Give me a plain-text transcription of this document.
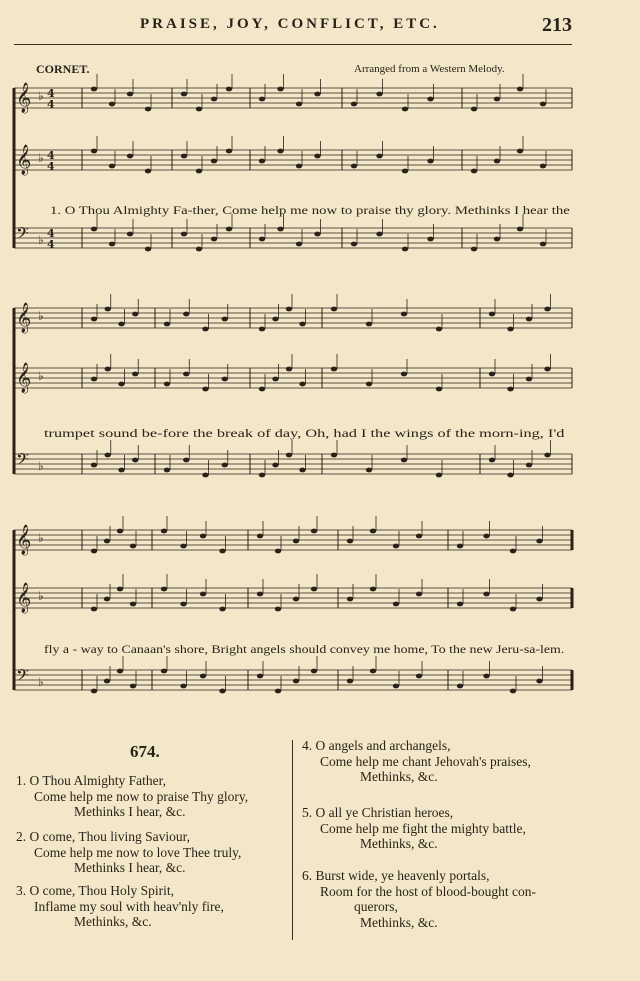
PRAISE, JOY, CONFLICT, ETC.	213
CORNET.	Arranged from a Western Melody.
𝄞 ♭ 4
4
𝄞 ♭ 4
4
𝄢 ♭ 4
4
𝄞 ♭
𝄞 ♭
𝄢 ♭
𝄞 ♭
𝄞 ♭
𝄢 ♭
1. O Thou Almighty Fa-ther, Come help me now to praise thy glory. Methinks I hear the
trumpet sound be-fore the break of day, Oh, had I the wings of the morn-ing, I'd
fly a - way to Canaan's shore, Bright angels should convey me home, To the new Jeru-sa-lem.
674.
1. O Thou Almighty Father,
Come help me now to praise Thy glory,
Methinks I hear, &c.
2. O come, Thou living Saviour,
Come help me now to love Thee truly,
Methinks I hear, &c.
3. O come, Thou Holy Spirit,
Inflame my soul with heav'nly fire,
Methinks, &c.
4. O angels and archangels,
Come help me chant Jehovah's praises,
Methinks, &c.
5. O all ye Christian heroes,
Come help me fight the mighty battle,
Methinks, &c.
6. Burst wide, ye heavenly portals,
Room for the host of blood-bought con-
querors,
Methinks, &c.
